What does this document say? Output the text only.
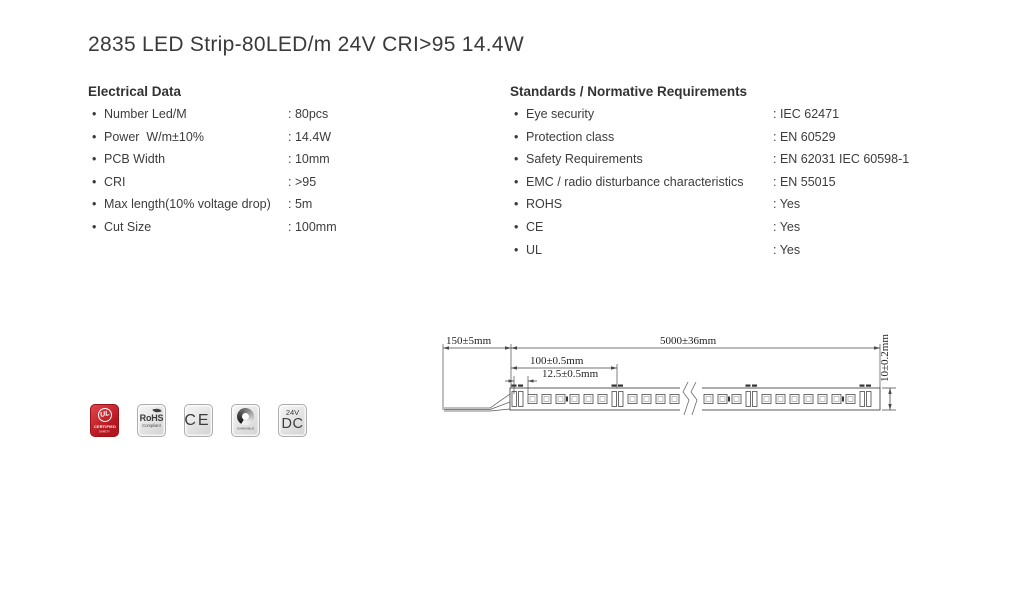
2835 LED Strip-80LED/m 24V CRI>95 14.4W
Electrical Data
• Number Led/M	: 80pcs
• Power  W/m±10%	: 14.4W
• PCB Width	: 10mm
• CRI	: >95
• Max length(10% voltage drop)	: 5m
• Cut Size	: 100mm
Standards / Normative Requirements
• Eye security	: IEC 62471
• Protection class	: EN 60529
• Safety Requirements	: EN 62031 IEC 60598-1
• EMC / radio disturbance characteristics	: EN 55015
• ROHS	: Yes
• CE	: Yes
• UL	: Yes
150±5mm	5000±36mm
100±0.5mm
12.5±0.5mm	10±0.2mm
UL
CERTIFIED
SAFETY
RoHS
Compliant CE
DIMMABLE
24V
DC
